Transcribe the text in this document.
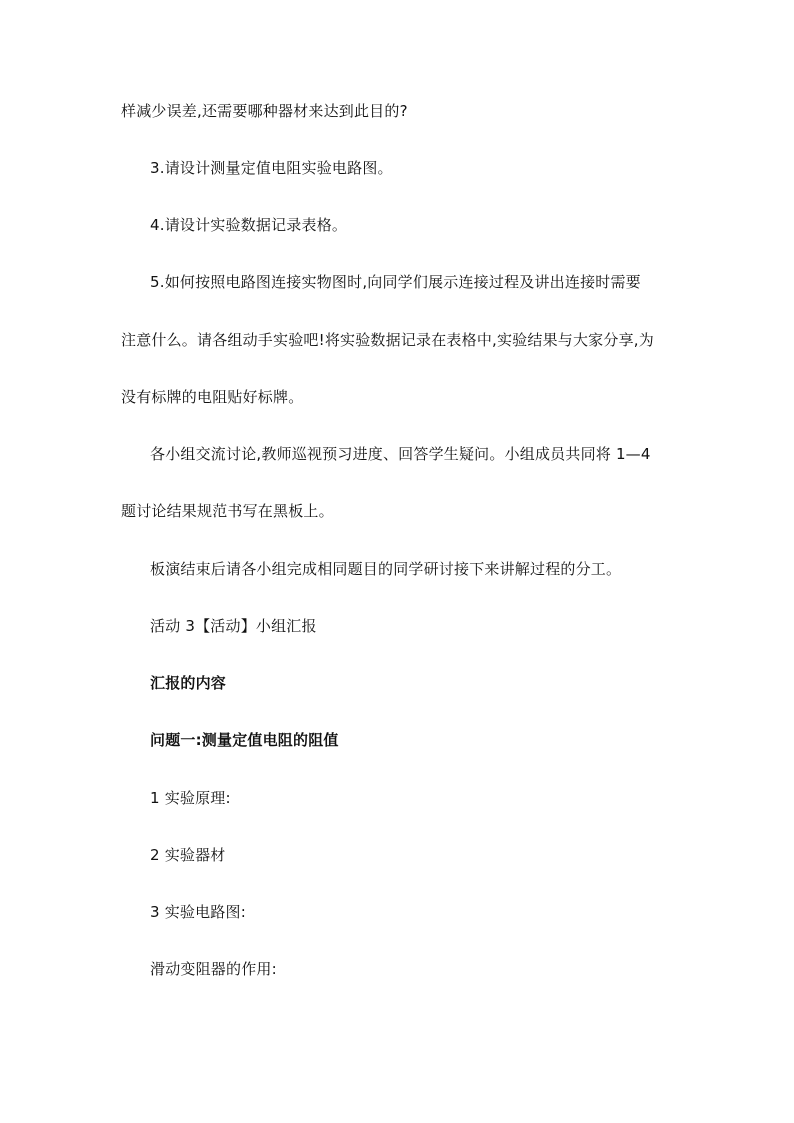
样减少误差,还需要哪种器材来达到此目的?
3.请设计测量定值电阻实验电路图。
4.请设计实验数据记录表格。
5.如何按照电路图连接实物图时,向同学们展示连接过程及讲出连接时需要
注意什么。请各组动手实验吧!将实验数据记录在表格中,实验结果与大家分享,为
没有标牌的电阻贴好标牌。
各小组交流讨论,教师巡视预习进度、回答学生疑问。小组成员共同将 1—4
题讨论结果规范书写在黑板上。
板演结束后请各小组完成相同题目的同学研讨接下来讲解过程的分工。
活动 3【活动】小组汇报
汇报的内容
问题一:测量定值电阻的阻值
1 实验原理:
2 实验器材
3 实验电路图:
滑动变阻器的作用:
